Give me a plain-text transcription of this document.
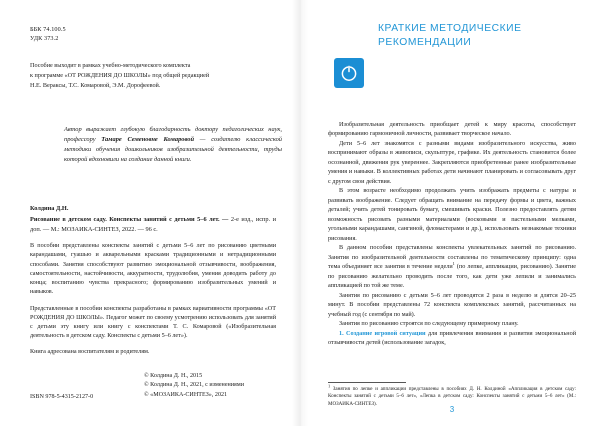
ББК 74.100.5
УДК 373.2
Пособие выходит в рамках учебно-методического комплекта
к программе «ОТ РОЖДЕНИЯ ДО ШКОЛЫ» под общей редакцией
Н.Е. Вераксы, Т.С. Комаровой, Э.М. Дорофеевой.
Автор выражает глубокую благодарность доктору педагогических наук, профессору Тамаре Семеновне Комаровой — создателю классической методики обучения дошкольников изобразительной деятельности, труды которой вдохновили на создание данной книги.
Колдина Д.Н.
Рисование в детском саду. Конспекты занятий с детьми 5–6 лет. — 2-е изд., испр. и доп. — М.: МОЗАИКА-СИНТЕЗ, 2022. — 96 с.
В пособии представлены конспекты занятий с детьми 5–6 лет по рисованию цветными карандашами, гуашью и акварельными красками традиционными и нетрадиционными способами. Занятия способствуют развитию эмоциональной отзывчивости, воображения, самостоятельности, настойчивости, аккуратности, трудолюбия, умения доводить работу до конца; воспитанию чувства прекрасного; формированию изобразительных умений и навыков.
Представленные в пособии конспекты разработаны в рамках вариативности программы «ОТ РОЖДЕНИЯ ДО ШКОЛЫ». Педагог может по своему усмотрению использовать для занятий с детьми эту книгу или книгу с конспектами Т. С. Комаровой («Изобразительная деятельность в детском саду. Конспекты с детьми 5–6 лет»).
Книга адресована воспитателям и родителям.
ISBN 978-5-4315-2127-0
© Колдина Д. Н., 2015
© Колдина Д. Н., 2021, с изменениями
© «МОЗАИКА-СИНТЕЗ», 2021
КРАТКИЕ МЕТОДИЧЕСКИЕ РЕКОМЕНДАЦИИ

Изобразительная деятельность приобщает детей к миру красоты, способствует формированию гармоничной личности, развивает творческое начало.

Дети 5–6 лет знакомятся с разными видами изобразительного искусства, живо воспринимают образы в живописи, скульптуре, графике. Их деятельность становится более осознанной, движения рук увереннее. Закрепляются приобретенные ранее изобразительные умения и навыки. В коллективных работах дети начинают планировать и согласовывать друг с другом свои действия.

В этом возрасте необходимо продолжать учить изображать предметы с натуры и развивать воображение. Следует обращать внимание на передачу формы и цвета, важных деталей; учить детей тонировать бумагу, смешивать краски. Полезно предоставлять детям возможность рисовать разными материалами (восковыми и пастельными мелками, угольными карандашами, сангиной, фломастерами и др.), использовать незнакомые техники рисования.

В данном пособии представлены конспекты увлекательных занятий по рисованию. Занятия по изобразительной деятельности составлены по тематическому принципу: одна тема объединяет все занятия в течение недели$^1$ (по лепке, аппликации, рисованию). Занятие по рисованию желательно проводить после того, как дети уже лепили и занимались аппликацией по той же теме.

Занятия по рисованию с детьми 5–6 лет проводятся 2 раза в неделю и длятся 20–25 минут. В пособии представлены 72 конспекта комплексных занятий, рассчитанных на учебный год (с сентября по май).

Занятия по рисованию строятся по следующему примерному плану.

1. Создание игровой ситуации для привлечения внимания и развития эмоциональной отзывчивости детей (использование загадок,

$^1$ Занятия по лепке и аппликации представлены в пособиях Д. Н. Колдиной «Аппликация в детском саду: Конспекты занятий с детьми 5–6 лет», «Лепка в детском саду: Конспекты занятий с детьми 5–6 лет» (М.: МОЗАИКА-СИНТЕЗ).
3
